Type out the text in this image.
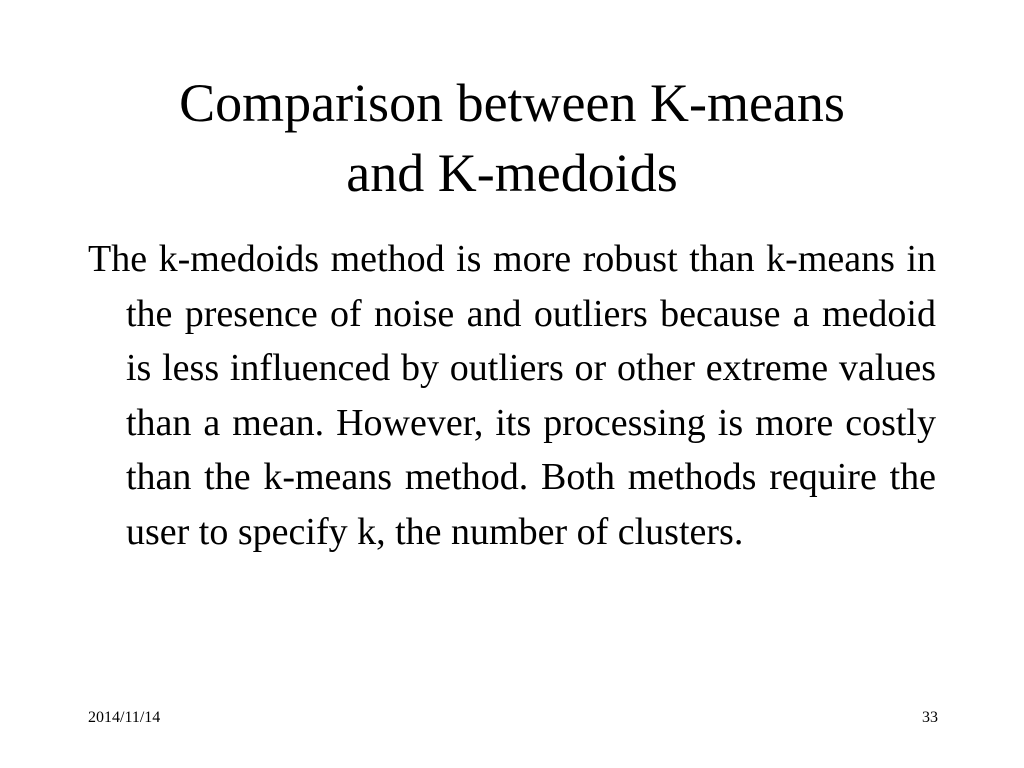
Comparison between K-means
and K-medoids

The k-medoids method is more robust than k-means in the presence of noise and outliers because a medoid is less influenced by outliers or other extreme values than a mean. However, its processing is more costly than the k-means method. Both methods require the user to specify k, the number of clusters.

2014/11/14	33
